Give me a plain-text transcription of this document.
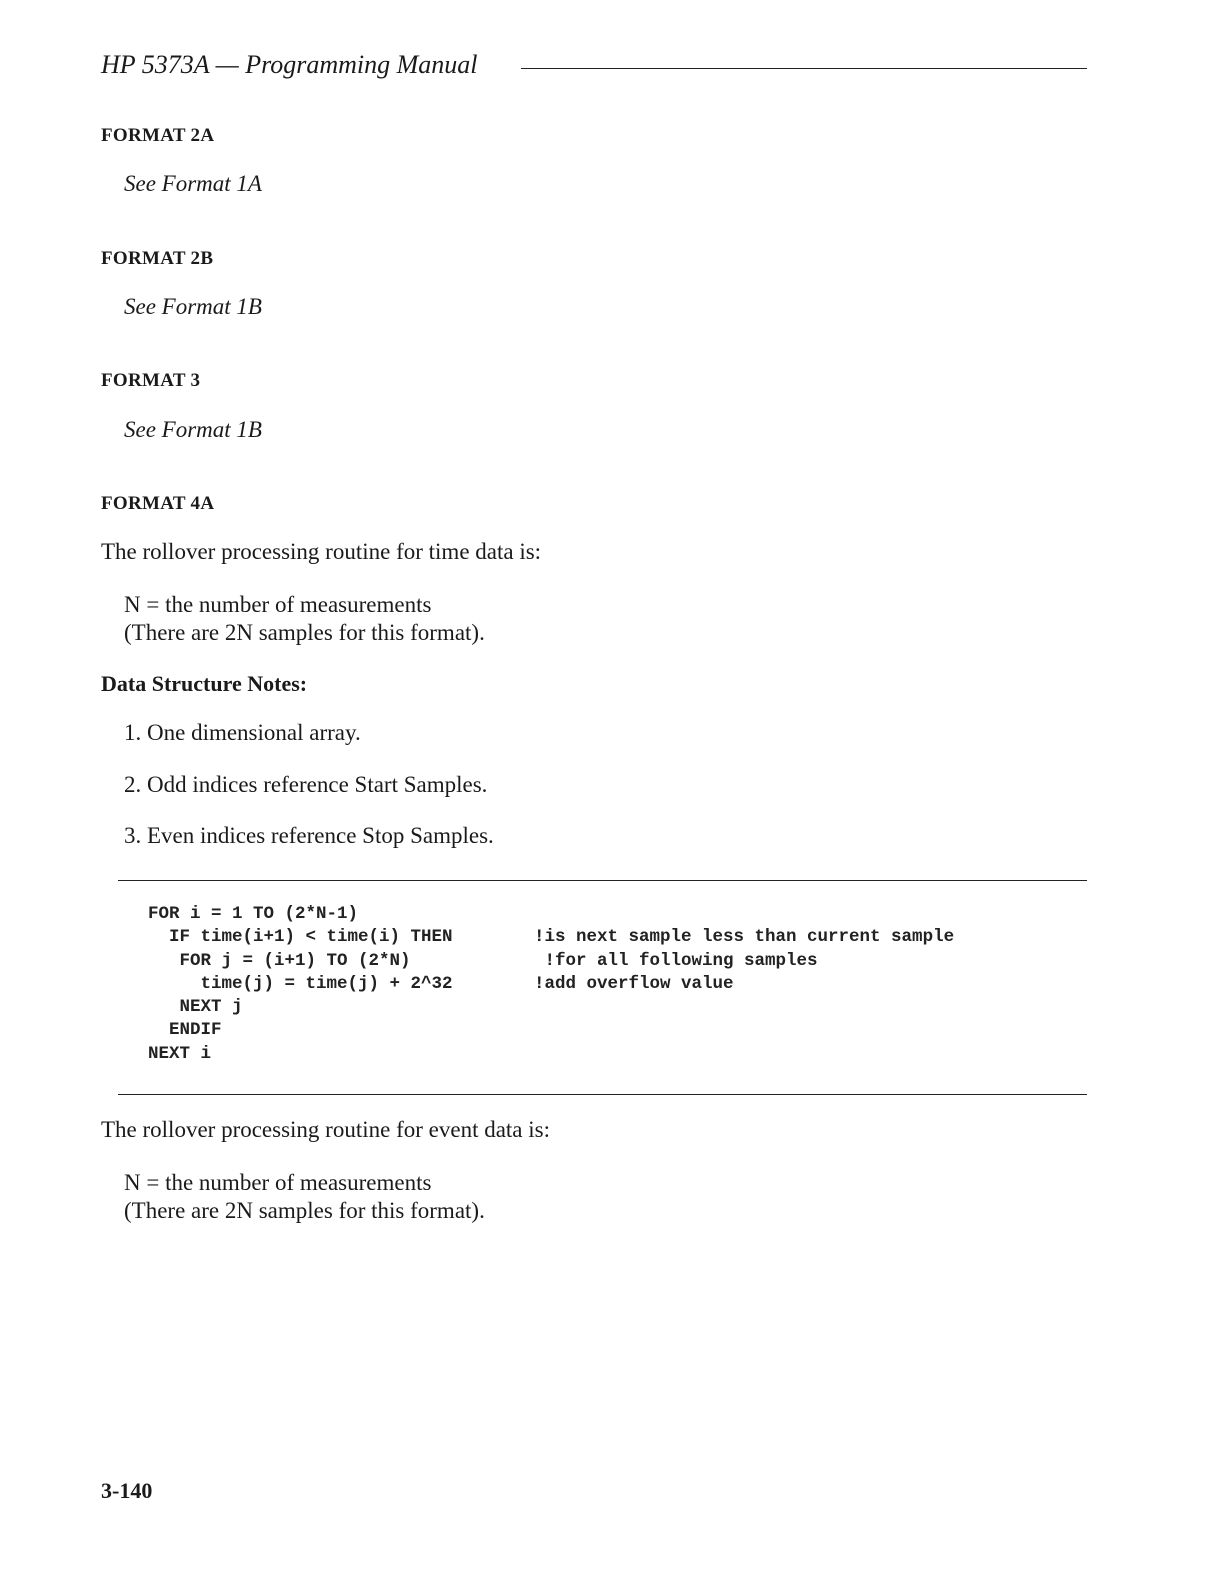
HP 5373A — Programming Manual
FORMAT 2A
See Format 1A
FORMAT 2B
See Format 1B
FORMAT 3
See Format 1B
FORMAT 4A
The rollover processing routine for time data is:
N = the number of measurements
(There are 2N samples for this format).
Data Structure Notes:
1. One dimensional array.
2. Odd indices reference Start Samples.
3. Even indices reference Stop Samples.
FOR i = 1 TO (2*N-1)
IF time(i+1) < time(i) THEN	!is next sample less than current sample
FOR j = (i+1) TO (2*N)	!for all following samples
time(j) = time(j) + 2^32	!add overflow value
NEXT j
ENDIF
NEXT i
The rollover processing routine for event data is:
N = the number of measurements
(There are 2N samples for this format).
3-140
